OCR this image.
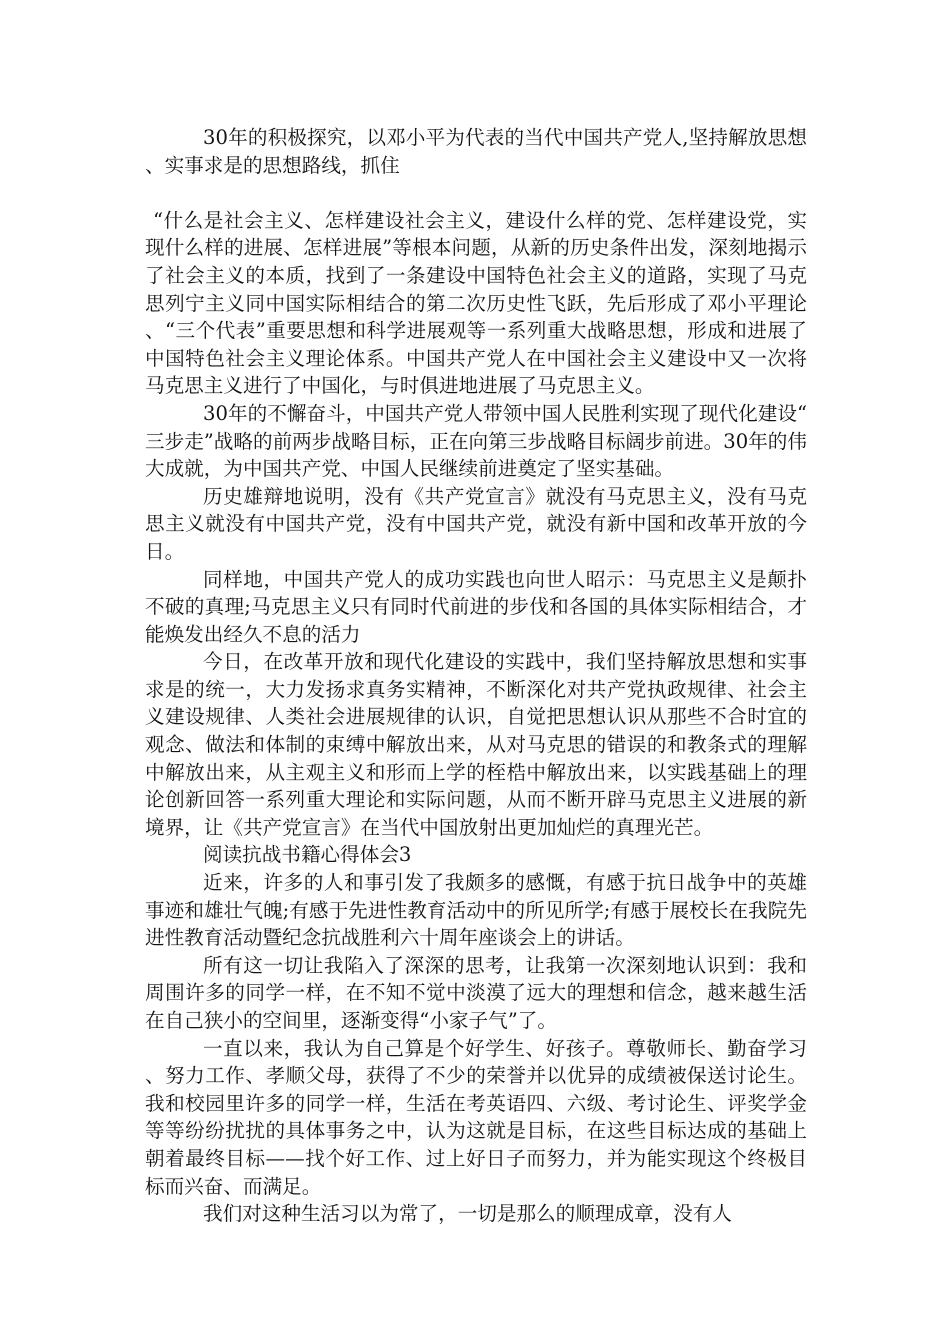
30年的积极探究，以邓小平为代表的当代中国共产党人,坚持解放思想、实事求是的思想路线，抓住

“什么是社会主义、怎样建设社会主义，建设什么样的党、怎样建设党，实现什么样的进展、怎样进展”等根本问题，从新的历史条件出发，深刻地揭示了社会主义的本质，找到了一条建设中国特色社会主义的道路，实现了马克思列宁主义同中国实际相结合的第二次历史性飞跃，先后形成了邓小平理论、“三个代表”重要思想和科学进展观等一系列重大战略思想，形成和进展了中国特色社会主义理论体系。中国共产党人在中国社会主义建设中又一次将马克思主义进行了中国化，与时俱进地进展了马克思主义。

30年的不懈奋斗，中国共产党人带领中国人民胜利实现了现代化建设“三步走”战略的前两步战略目标，正在向第三步战略目标阔步前进。30年的伟大成就，为中国共产党、中国人民继续前进奠定了坚实基础。

历史雄辩地说明，没有《共产党宣言》就没有马克思主义，没有马克思主义就没有中国共产党，没有中国共产党，就没有新中国和改革开放的今日。

同样地，中国共产党人的成功实践也向世人昭示：马克思主义是颠扑不破的真理;马克思主义只有同时代前进的步伐和各国的具体实际相结合，才能焕发出经久不息的活力

今日，在改革开放和现代化建设的实践中，我们坚持解放思想和实事求是的统一，大力发扬求真务实精神，不断深化对共产党执政规律、社会主义建设规律、人类社会进展规律的认识，自觉把思想认识从那些不合时宜的观念、做法和体制的束缚中解放出来，从对马克思的错误的和教条式的理解中解放出来，从主观主义和形而上学的桎梏中解放出来，以实践基础上的理论创新回答一系列重大理论和实际问题，从而不断开辟马克思主义进展的新境界，让《共产党宣言》在当代中国放射出更加灿烂的真理光芒。

阅读抗战书籍心得体会3

近来，许多的人和事引发了我颇多的感慨，有感于抗日战争中的英雄事迹和雄壮气魄;有感于先进性教育活动中的所见所学;有感于展校长在我院先进性教育活动暨纪念抗战胜利六十周年座谈会上的讲话。

所有这一切让我陷入了深深的思考，让我第一次深刻地认识到：我和周围许多的同学一样，在不知不觉中淡漠了远大的理想和信念，越来越生活在自己狭小的空间里，逐渐变得“小家子气”了。

一直以来，我认为自己算是个好学生、好孩子。尊敬师长、勤奋学习、努力工作、孝顺父母，获得了不少的荣誉并以优异的成绩被保送讨论生。我和校园里许多的同学一样，生活在考英语四、六级、考讨论生、评奖学金等等纷纷扰扰的具体事务之中，认为这就是目标，在这些目标达成的基础上朝着最终目标——找个好工作、过上好日子而努力，并为能实现这个终极目标而兴奋、而满足。

我们对这种生活习以为常了，一切是那么的顺理成章，没有人
